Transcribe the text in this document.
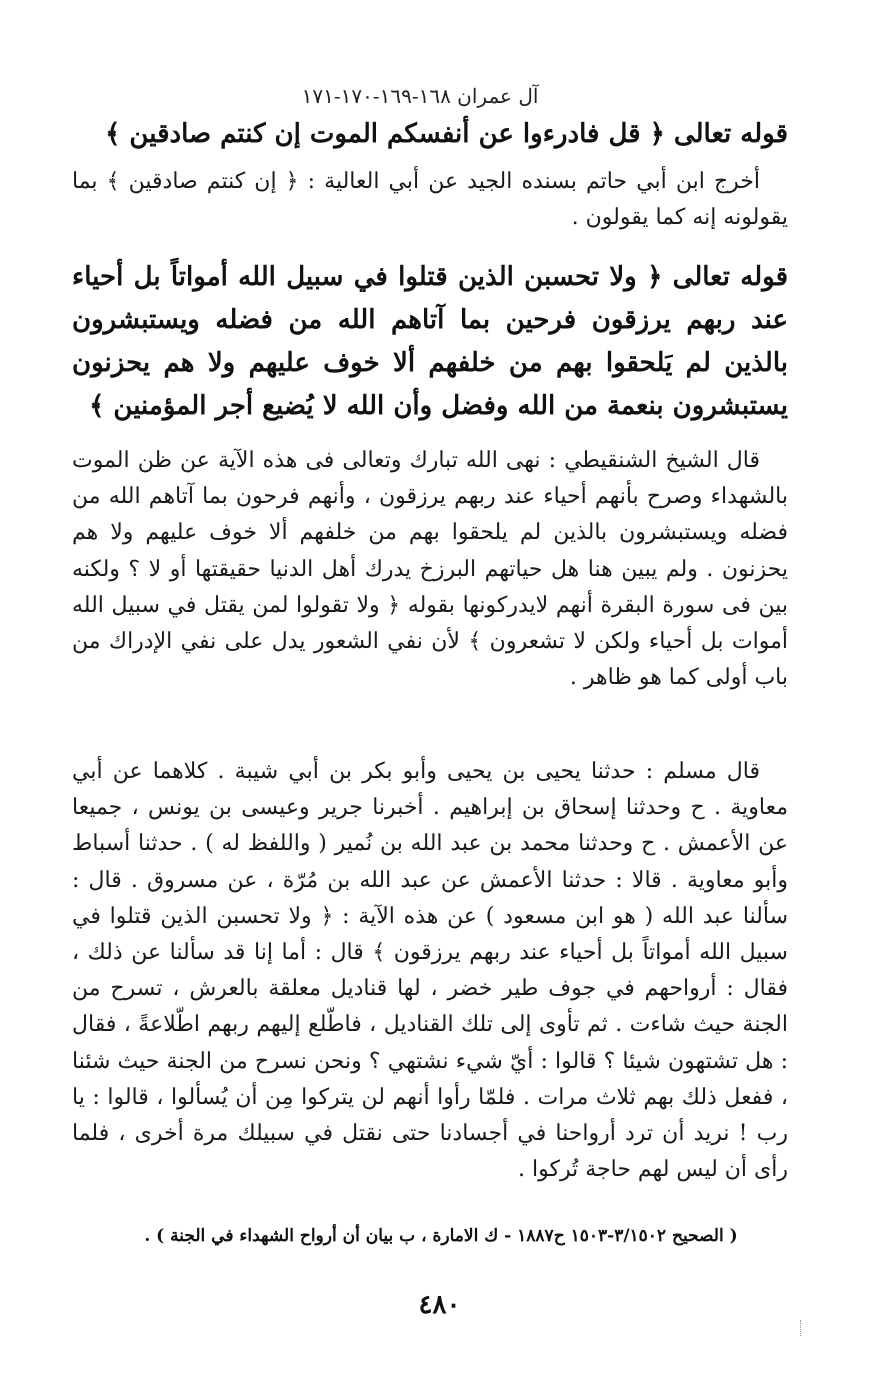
آل عمران ١٦٨-١٦٩-١٧٠-١٧١
قوله تعالى ﴿ قل فادرءوا عن أنفسكم الموت إن كنتم صادقين ﴾
أخرج ابن أبي حاتم بسنده الجيد عن أبي العالية : ﴿ إن كنتم صادقين ﴾ بما يقولونه إنه كما يقولون .
قوله تعالى ﴿ ولا تحسبن الذين قتلوا في سبيل الله أمواتاً بل أحياء عند ربهم يرزقون فرحين بما آتاهم الله من فضله ويستبشرون بالذين لم يَلحقوا بهم من خلفهم ألا خوف عليهم ولا هم يحزنون يستبشرون بنعمة من الله وفضل وأن الله لا يُضيع أجر المؤمنين ﴾
قال الشيخ الشنقيطي : نهى الله تبارك وتعالى فى هذه الآية عن ظن الموت بالشهداء وصرح بأنهم أحياء عند ربهم يرزقون ، وأنهم فرحون بما آتاهم الله من فضله ويستبشرون بالذين لم يلحقوا بهم من خلفهم ألا خوف عليهم ولا هم يحزنون . ولم يبين هنا هل حياتهم البرزخ يدرك أهل الدنيا حقيقتها أو لا ؟ ولكنه بين فى سورة البقرة أنهم لايدركونها بقوله ﴿ ولا تقولوا لمن يقتل في سبيل الله أموات بل أحياء ولكن لا تشعرون ﴾ لأن نفي الشعور يدل على نفي الإدراك من باب أولى كما هو ظاهر .
قال مسلم : حدثنا يحيى بن يحيى وأبو بكر بن أبي شيبة . كلاهما عن أبي معاوية . ح وحدثنا إسحاق بن إبراهيم . أخبرنا جرير وعيسى بن يونس ، جميعا عن الأعمش . ح وحدثنا محمد بن عبد الله بن نُمير ( واللفظ له ) . حدثنا أسباط وأبو معاوية . قالا : حدثنا الأعمش عن عبد الله بن مُرّة ، عن مسروق . قال : سألنا عبد الله ( هو ابن مسعود ) عن هذه الآية : ﴿ ولا تحسبن الذين قتلوا في سبيل الله أمواتاً بل أحياء عند ربهم يرزقون ﴾ قال : أما إنا قد سألنا عن ذلك ، فقال : أرواحهم في جوف طير خضر ، لها قناديل معلقة بالعرش ، تسرح من الجنة حيث شاءت . ثم تأوى إلى تلك القناديل ، فاطّلع إليهم ربهم اطّلاعةً ، فقال : هل تشتهون شيئا ؟ قالوا : أيّ شيء نشتهي ؟ ونحن نسرح من الجنة حيث شئنا ، ففعل ذلك بهم ثلاث مرات . فلمّا رأوا أنهم لن يتركوا مِن أن يُسألوا ، قالوا : يا رب ! نريد أن ترد أرواحنا في أجسادنا حتى نقتل في سبيلك مرة أخرى ، فلما رأى أن ليس لهم حاجة تُركوا .
( الصحيح ٣/١٥٠٢-١٥٠٣ ح١٨٨٧ - ك الامارة ، ب بيان أن أرواح الشهداء في الجنة ) .
٤٨٠
